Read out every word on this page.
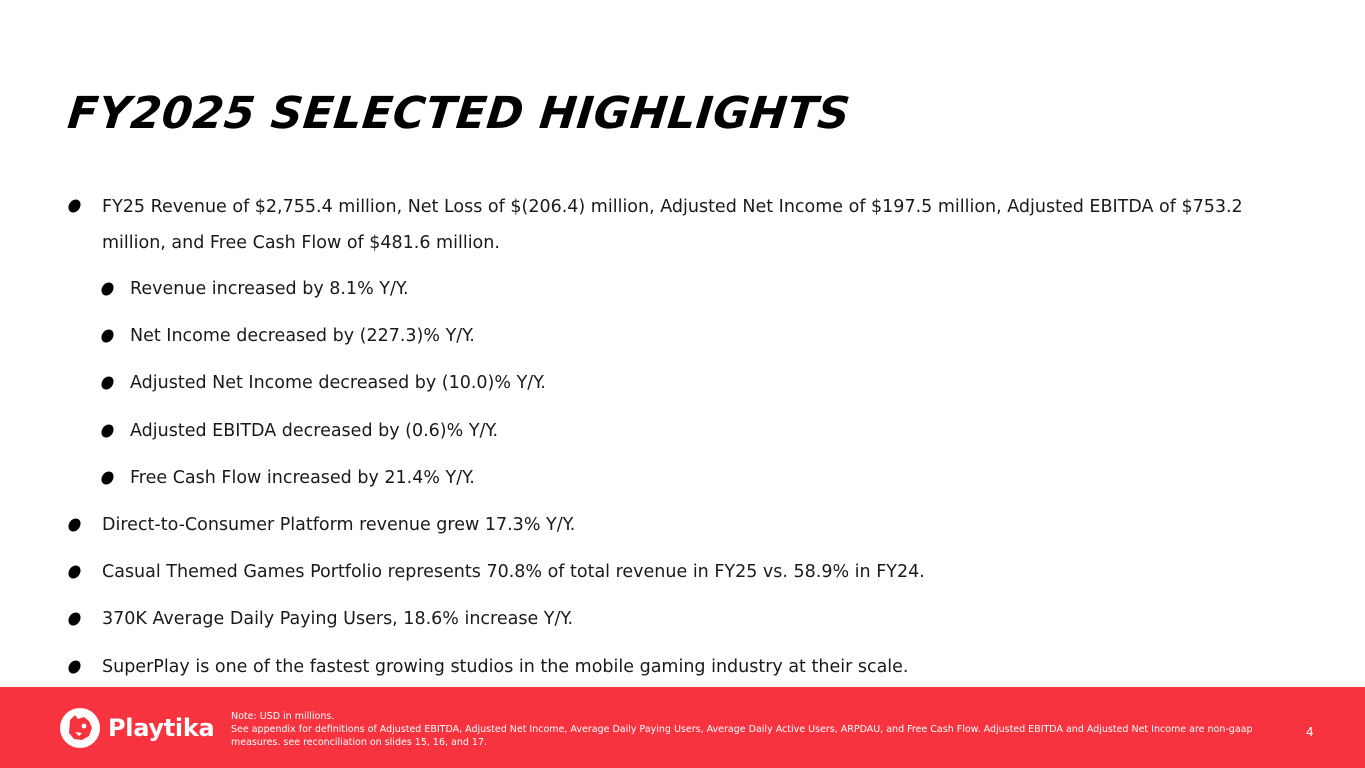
FY2025 SELECTED HIGHLIGHTS
FY25 Revenue of $2,755.4 million, Net Loss of $(206.4) million, Adjusted Net Income of $197.5 million, Adjusted EBITDA of $753.2 million, and Free Cash Flow of $481.6 million.
Revenue increased by 8.1% Y/Y.
Net Income decreased by (227.3)% Y/Y.
Adjusted Net Income decreased by (10.0)% Y/Y.
Adjusted EBITDA decreased by (0.6)% Y/Y.
Free Cash Flow increased by 21.4% Y/Y.
Direct-to-Consumer Platform revenue grew 17.3% Y/Y.
Casual Themed Games Portfolio represents 70.8% of total revenue in FY25 vs. 58.9% in FY24.
370K Average Daily Paying Users, 18.6% increase Y/Y.
SuperPlay is one of the fastest growing studios in the mobile gaming industry at their scale.
Playtika Note: USD in millions.
See appendix for definitions of Adjusted EBITDA, Adjusted Net Income, Average Daily Paying Users, Average Daily Active Users, ARPDAU, and Free Cash Flow. Adjusted EBITDA and Adjusted Net Income are non-gaap measures. see reconciliation on slides 15, 16, and 17.
4
